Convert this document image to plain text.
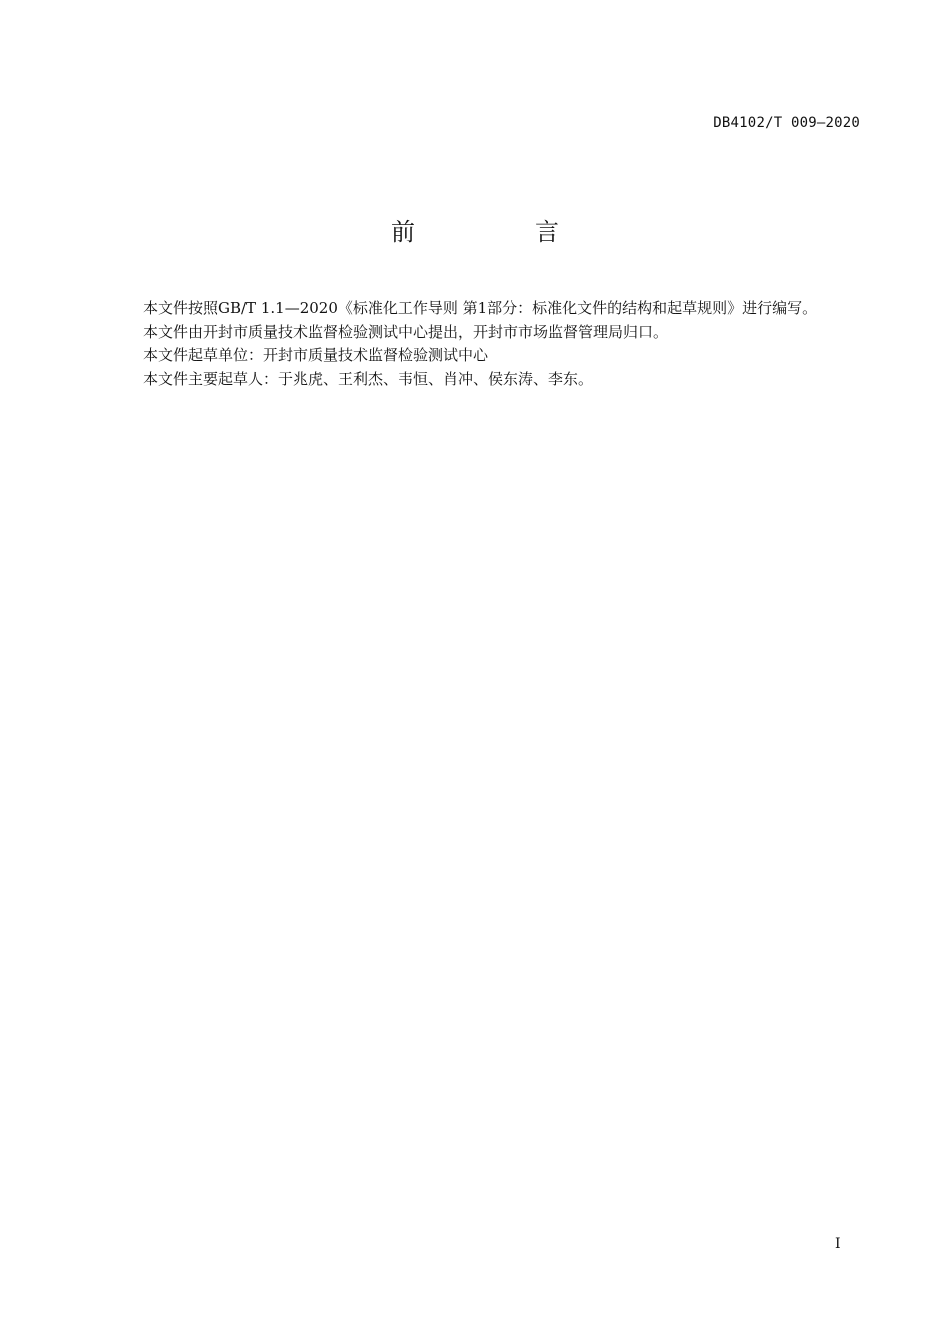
DB4102/T 009—2020
前　言

本文件按照GB/T 1.1—2020《标准化工作导则 第1部分：标准化文件的结构和起草规则》进行编写。

本文件由开封市质量技术监督检验测试中心提出，开封市市场监督管理局归口。

本文件起草单位：开封市质量技术监督检验测试中心

本文件主要起草人：于兆虎、王利杰、韦恒、肖冲、侯东涛、李东。

I
